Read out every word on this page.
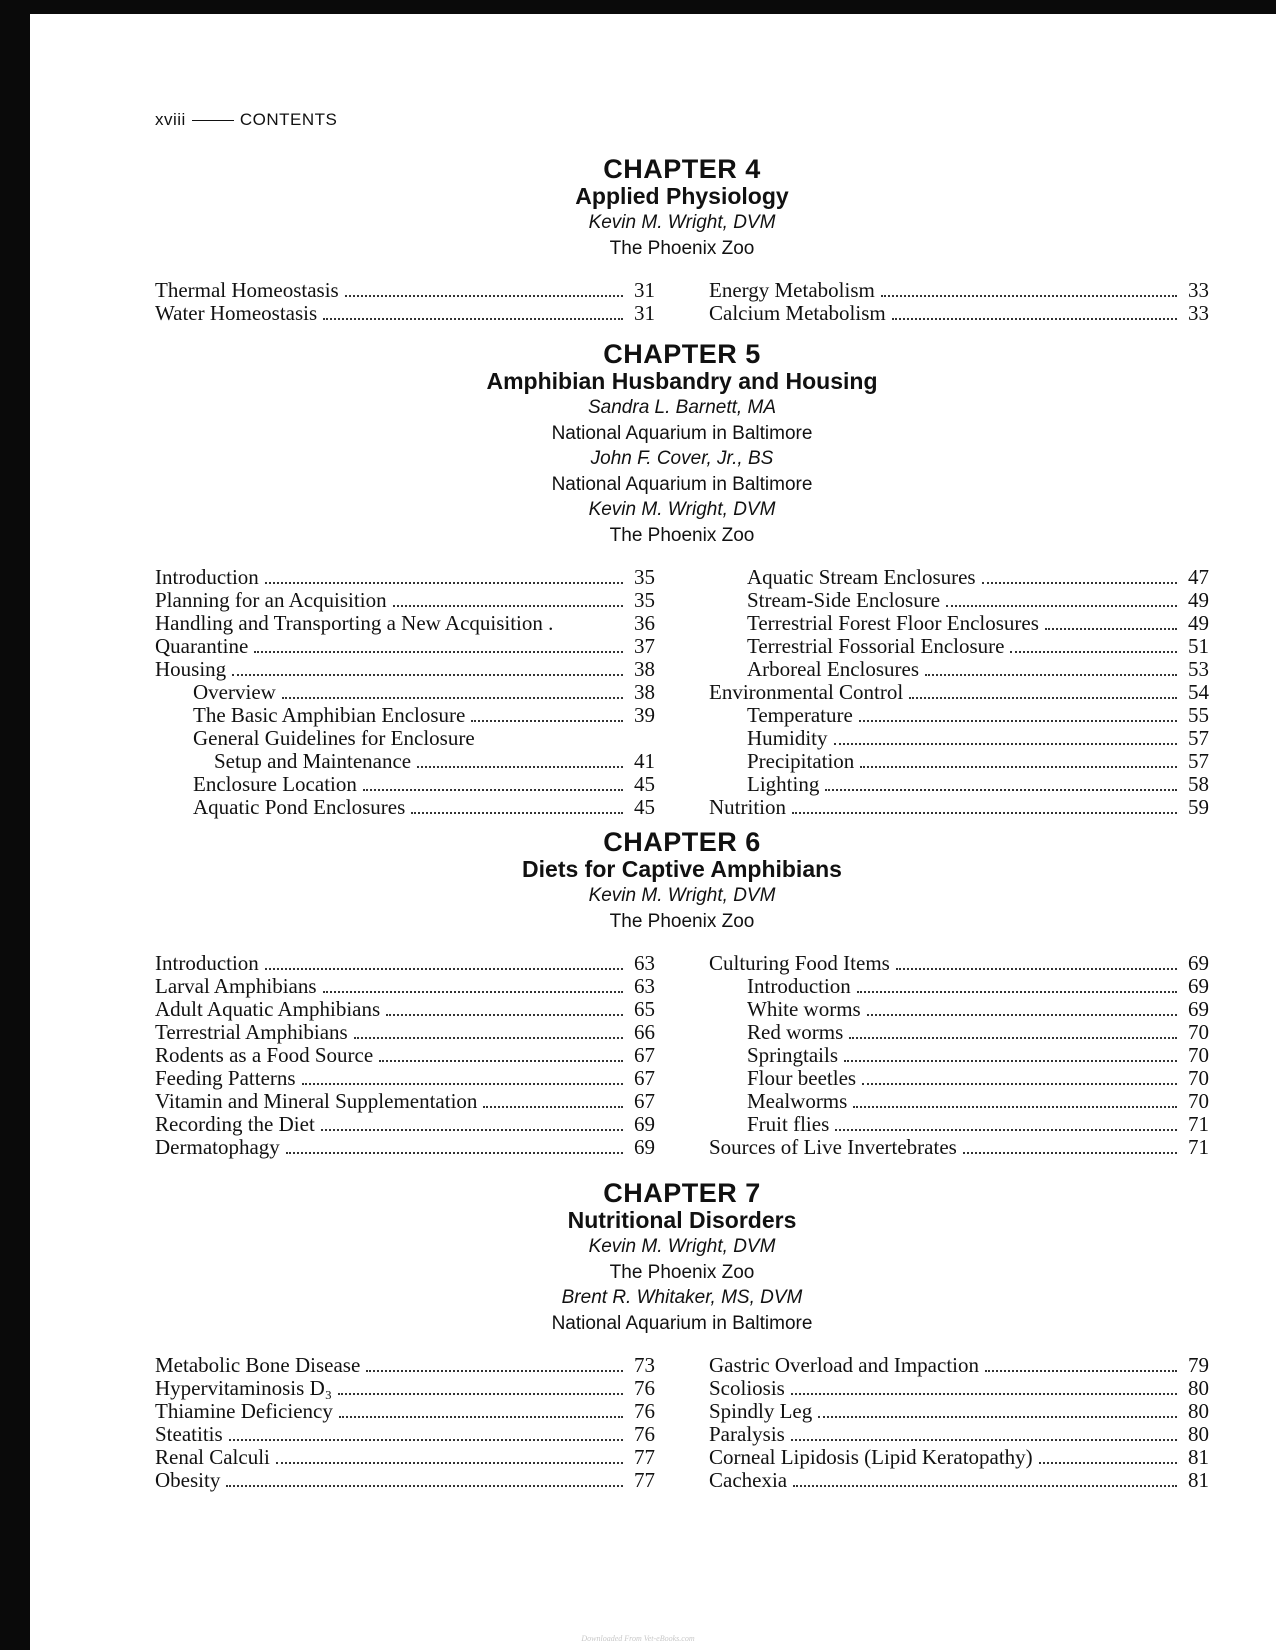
xviii	CONTENTS
CHAPTER 4
Applied Physiology
Kevin M. Wright, DVM
The Phoenix Zoo
Thermal Homeostasis	31
Water Homeostasis	31
Energy Metabolism	33
Calcium Metabolism	33
CHAPTER 5
Amphibian Husbandry and Housing
Sandra L. Barnett, MA
National Aquarium in Baltimore
John F. Cover, Jr., BS
National Aquarium in Baltimore
Kevin M. Wright, DVM
The Phoenix Zoo
Introduction	35
Planning for an Acquisition	35
Handling and Transporting a New Acquisition .	36
Quarantine	37
Housing	38
Overview	38
The Basic Amphibian Enclosure	39
General Guidelines for Enclosure
Setup and Maintenance	41
Enclosure Location	45
Aquatic Pond Enclosures	45
Aquatic Stream Enclosures	47
Stream-Side Enclosure	49
Terrestrial Forest Floor Enclosures	49
Terrestrial Fossorial Enclosure	51
Arboreal Enclosures	53
Environmental Control	54
Temperature	55
Humidity	57
Precipitation	57
Lighting	58
Nutrition	59
CHAPTER 6
Diets for Captive Amphibians
Kevin M. Wright, DVM
The Phoenix Zoo
Introduction	63
Larval Amphibians	63
Adult Aquatic Amphibians	65
Terrestrial Amphibians	66
Rodents as a Food Source	67
Feeding Patterns	67
Vitamin and Mineral Supplementation	67
Recording the Diet	69
Dermatophagy	69
Culturing Food Items	69
Introduction	69
White worms	69
Red worms	70
Springtails	70
Flour beetles	70
Mealworms	70
Fruit flies	71
Sources of Live Invertebrates	71
CHAPTER 7
Nutritional Disorders
Kevin M. Wright, DVM
The Phoenix Zoo
Brent R. Whitaker, MS, DVM
National Aquarium in Baltimore
Metabolic Bone Disease	73
Hypervitaminosis D₃	76
Thiamine Deficiency	76
Steatitis	76
Renal Calculi	77
Obesity	77
Gastric Overload and Impaction	79
Scoliosis	80
Spindly Leg	80
Paralysis	80
Corneal Lipidosis (Lipid Keratopathy)	81
Cachexia	81
Downloaded From Vet-eBooks.com
